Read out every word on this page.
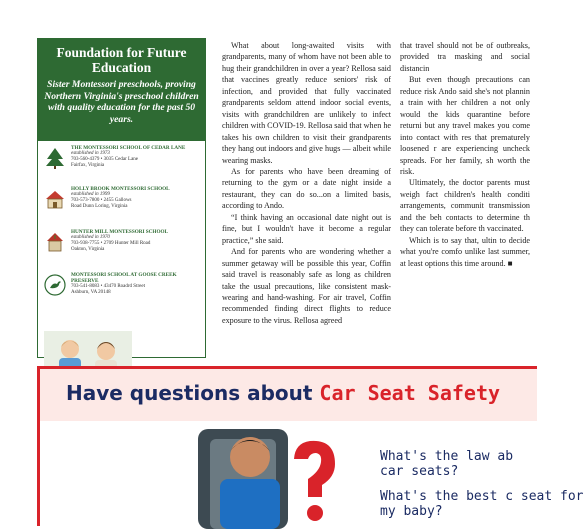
Foundation for Future Education
Sister Montessori preschools, proving Northern Virginia's preschool children with quality education for the past 50 years.
THE MONTESSORI SCHOOL OF CEDAR LANE
established in 1973
703-560-4379 • 3035 Cedar Lane
Fairfax, Virginia
HOLLY BROOK MONTESSORI SCHOOL
established in 1999
703-573-7800 • 2455 Gallows
Road Dunn Loring, Virginia
HUNTER MILL MONTESSORI SCHOOL
established in 1970
703-938-7755 • 2709 Hunter Mill Road
Oakton, Virginia
MONTESSORI SCHOOL AT GOOSE CREEK PRESERVE
703-541-8083 • 43470 Roadrd Street
Ashburn, VA 20148

What about long-awaited visits with grandparents, many of whom have not been able to hug their grandchildren in over a year? Rellosa said that vaccines greatly reduce seniors' risk of infection, and provided that fully vaccinated grandparents seldom attend indoor social events, visits with grandchildren are unlikely to infect children with COVID-19. Rellosa said that when he takes his own children to visit their grandparents they hang out indoors and give hugs — albeit while wearing masks.

As for parents who have been dreaming of returning to the gym or a date night inside a restaurant, they can do so...on a limited basis, according to Ando.

“I think having an occasional date night out is fine, but I wouldn't have it become a regular practice,” she said.

And for parents who are wondering whether a summer getaway will be possible this year, Coffin said travel is reasonably safe as long as children take the usual precautions, like consistent mask-wearing and hand-washing. For air travel, Coffin recommended finding direct flights to reduce exposure to the virus. Rellosa agreed

that travel should not be of outbreaks, provided tra masking and social distancin

But even though precautions can reduce risk Ando said she's not plannin a train with her children a not only would the kids quarantine before returni but any travel makes you come into contact with res that prematurely loosened r are experiencing uncheck spreads. For her family, sh worth the risk.

Ultimately, the doctor parents must weigh fact children's health conditi arrangements, communit transmission and the beh contacts to determine th they can tolerate before th vaccinated.

Which is to say that, ultin to decide what you're comfo unlike last summer, at least options this time around. ■

Have questions about Car Seat Safety
What's the law ab
car seats?
What's the best c seat for
my baby?
